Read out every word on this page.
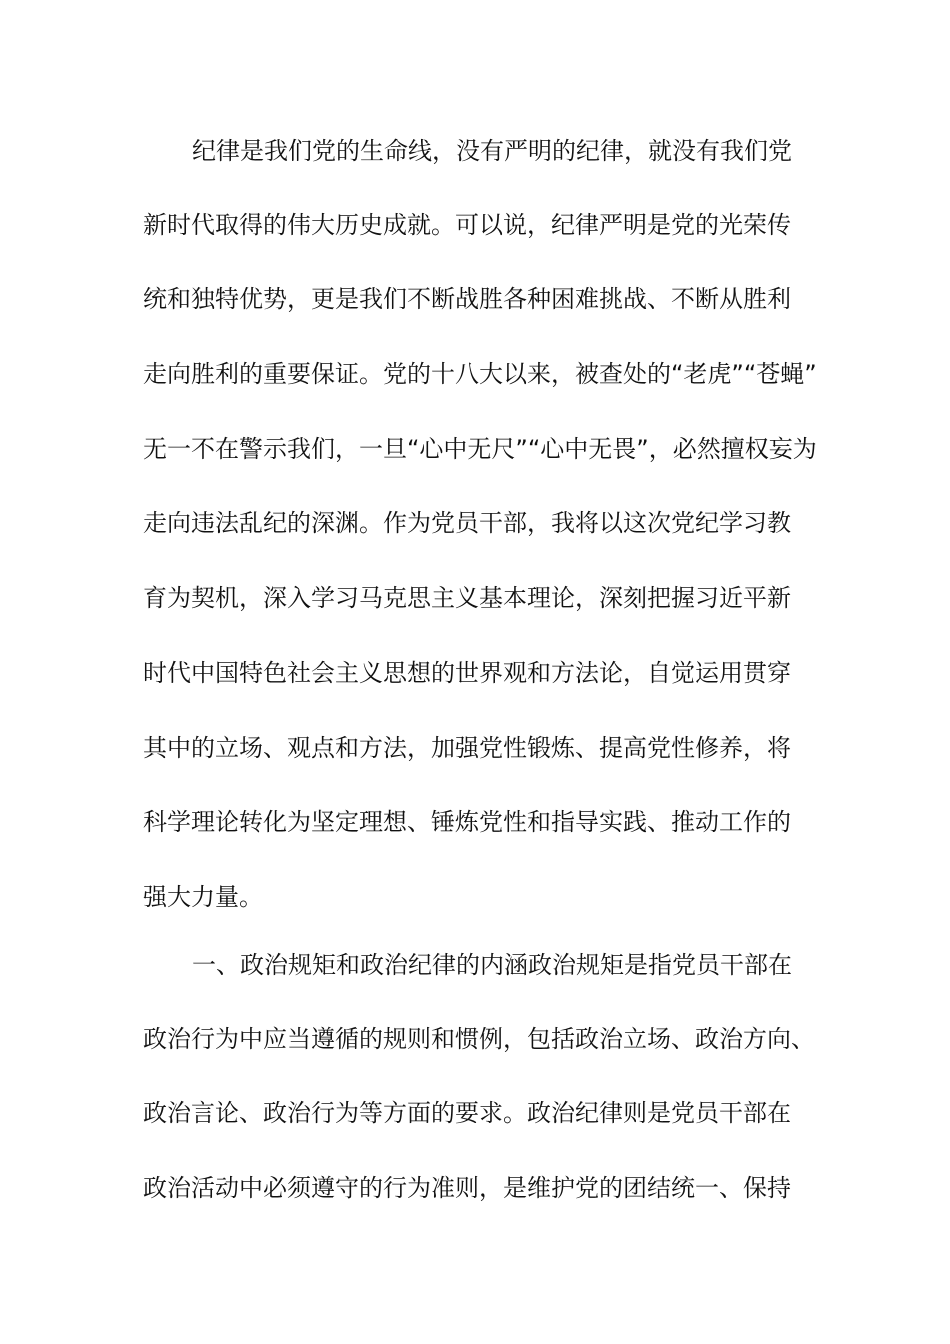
纪律是我们党的生命线，没有严明的纪律，就没有我们党
新时代取得的伟大历史成就。可以说，纪律严明是党的光荣传
统和独特优势，更是我们不断战胜各种困难挑战、不断从胜利
走向胜利的重要保证。党的十八大以来，被查处的“老虎”“苍蝇”
无一不在警示我们，一旦“心中无尺”“心中无畏”，必然擅权妄为
走向违法乱纪的深渊。作为党员干部，我将以这次党纪学习教
育为契机，深入学习马克思主义基本理论，深刻把握习近平新
时代中国特色社会主义思想的世界观和方法论，自觉运用贯穿
其中的立场、观点和方法，加强党性锻炼、提高党性修养，将
科学理论转化为坚定理想、锤炼党性和指导实践、推动工作的
强大力量。
一、政治规矩和政治纪律的内涵政治规矩是指党员干部在
政治行为中应当遵循的规则和惯例，包括政治立场、政治方向、
政治言论、政治行为等方面的要求。政治纪律则是党员干部在
政治活动中必须遵守的行为准则，是维护党的团结统一、保持
